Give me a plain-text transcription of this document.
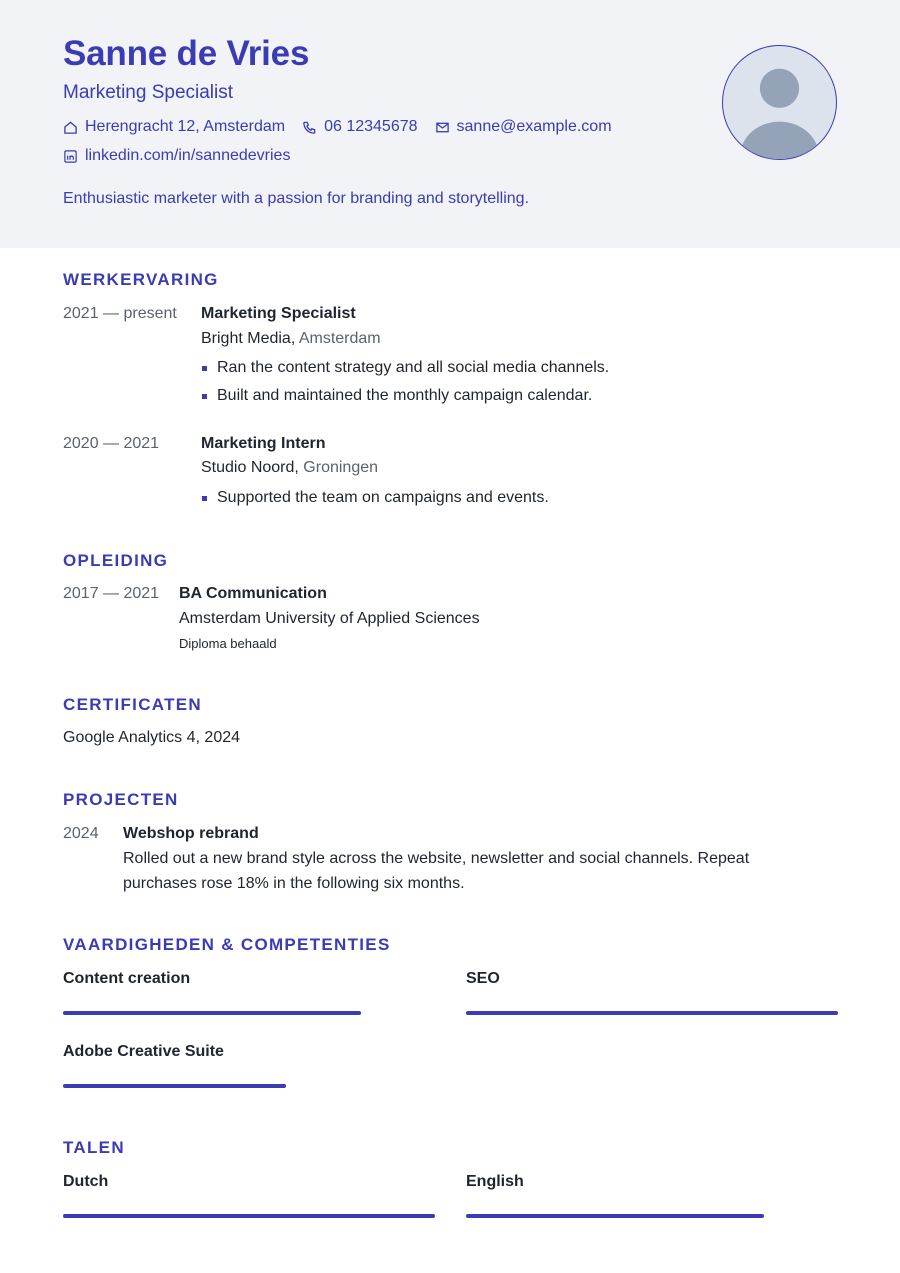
Sanne de Vries
Marketing Specialist
Herengracht 12, Amsterdam 06 12345678 sanne@example.com
linkedin.com/in/sannedevries
Enthusiastic marketer with a passion for branding and storytelling.
WERKERVARING
2021 — present Marketing Specialist
Bright Media, Amsterdam
Ran the content strategy and all social media channels.
Built and maintained the monthly campaign calendar.
2020 — 2021	Marketing Intern
Studio Noord, Groningen
Supported the team on campaigns and events.
OPLEIDING
2017 — 2021 BA Communication
Amsterdam University of Applied Sciences
Diploma behaald
CERTIFICATEN
Google Analytics 4, 2024
PROJECTEN
2024 Webshop rebrand
Rolled out a new brand style across the website, newsletter and social channels. Repeat purchases rose 18% in the following six months.
VAARDIGHEDEN & COMPETENTIES
Content creation	SEO
Adobe Creative Suite
TALEN
Dutch	English
